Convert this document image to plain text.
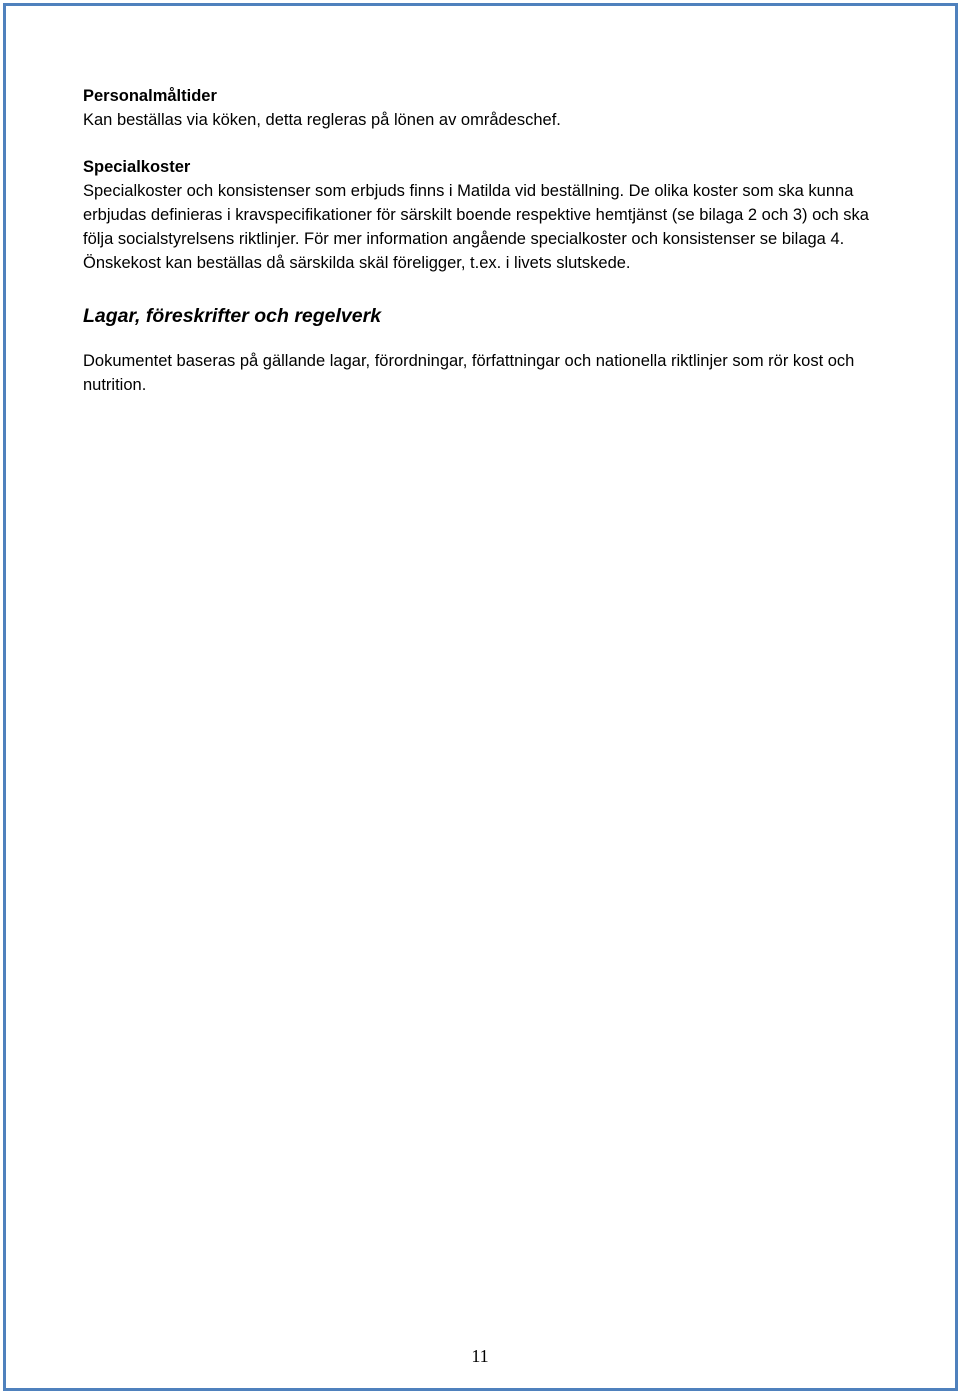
Personalmåltider

Kan beställas via köken, detta regleras på lönen av områdeschef.

Specialkoster

Specialkoster och konsistenser som erbjuds finns i Matilda vid beställning. De olika koster som ska kunna erbjudas definieras i kravspecifikationer för särskilt boende respektive hemtjänst (se bilaga 2 och 3) och ska följa socialstyrelsens riktlinjer. För mer information angående specialkoster och konsistenser se bilaga 4. Önskekost kan beställas då särskilda skäl föreligger, t.ex. i livets slutskede.

Lagar, föreskrifter och regelverk

Dokumentet baseras på gällande lagar, förordningar, författningar och nationella riktlinjer som rör kost och nutrition.

11
